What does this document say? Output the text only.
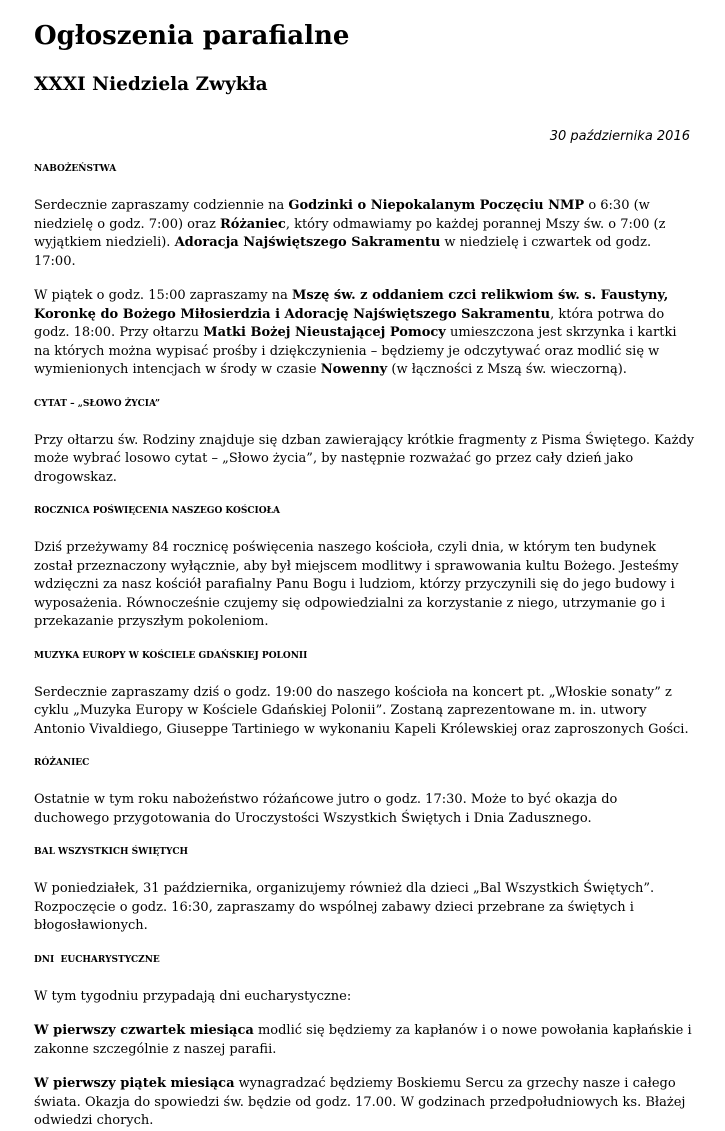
Ogłoszenia parafialne
XXXI Niedziela Zwykła
30 października 2016
NABOŻEŃSTWA

Serdecznie zapraszamy codziennie na Godzinki o Niepokalanym Poczęciu NMP o 6:30 (w niedzielę o godz. 7:00) oraz Różaniec, który odmawiamy po każdej porannej Mszy św. o 7:00 (z wyjątkiem niedzieli). Adoracja Najświętszego Sakramentu w niedzielę i czwartek od godz. 17:00.

W piątek o godz. 15:00 zapraszamy na Mszę św. z oddaniem czci relikwiom św. s. Faustyny, Koronkę do Bożego Miłosierdzia i Adorację Najświętszego Sakramentu, która potrwa do godz. 18:00. Przy ołtarzu Matki Bożej Nieustającej Pomocy umieszczona jest skrzynka i kartki na których można wypisać prośby i dziękczynienia – będziemy je odczytywać oraz modlić się w wymienionych intencjach w środy w czasie Nowenny (w łączności z Mszą św. wieczorną).

CYTAT – „SŁOWO ŻYCIA”

Przy ołtarzu św. Rodziny znajduje się dzban zawierający krótkie fragmenty z Pisma Świętego. Każdy może wybrać losowo cytat – „Słowo życia”, by następnie rozważać go przez cały dzień jako drogowskaz.

ROCZNICA POŚWIĘCENIA NASZEGO KOŚCIOŁA

Dziś przeżywamy 84 rocznicę poświęcenia naszego kościoła, czyli dnia, w którym ten budynek został przeznaczony wyłącznie, aby był miejscem modlitwy i sprawowania kultu Bożego. Jesteśmy wdzięczni za nasz kościół parafialny Panu Bogu i ludziom, którzy przyczynili się do jego budowy i wyposażenia. Równocześnie czujemy się odpowiedzialni za korzystanie z niego, utrzymanie go i przekazanie przyszłym pokoleniom.

MUZYKA EUROPY W KOŚCIELE GDAŃSKIEJ POLONII

Serdecznie zapraszamy dziś o godz. 19:00 do naszego kościoła na koncert pt. „Włoskie sonaty” z cyklu „Muzyka Europy w Kościele Gdańskiej Polonii”. Zostaną zaprezentowane m. in. utwory Antonio Vivaldiego, Giuseppe Tartiniego w wykonaniu Kapeli Królewskiej oraz zaproszonych Gości.

RÓŻANIEC

Ostatnie w tym roku nabożeństwo różańcowe jutro o godz. 17:30. Może to być okazja do duchowego przygotowania do Uroczystości Wszystkich Świętych i Dnia Zadusznego.

BAL WSZYSTKICH ŚWIĘTYCH

W poniedziałek, 31 października, organizujemy również dla dzieci „Bal Wszystkich Świętych”. Rozpoczęcie o godz. 16:30, zapraszamy do wspólnej zabawy dzieci przebrane za świętych i błogosławionych.

DNI  EUCHARYSTYCZNE

W tym tygodniu przypadają dni eucharystyczne:

W pierwszy czwartek miesiąca modlić się będziemy za kapłanów i o nowe powołania kapłańskie i zakonne szczególnie z naszej parafii.

W pierwszy piątek miesiąca wynagradzać będziemy Boskiemu Sercu za grzechy nasze i całego świata. Okazja do spowiedzi św. będzie od godz. 17.00. W godzinach przedpołudniowych ks. Błażej odwiedzi chorych.
